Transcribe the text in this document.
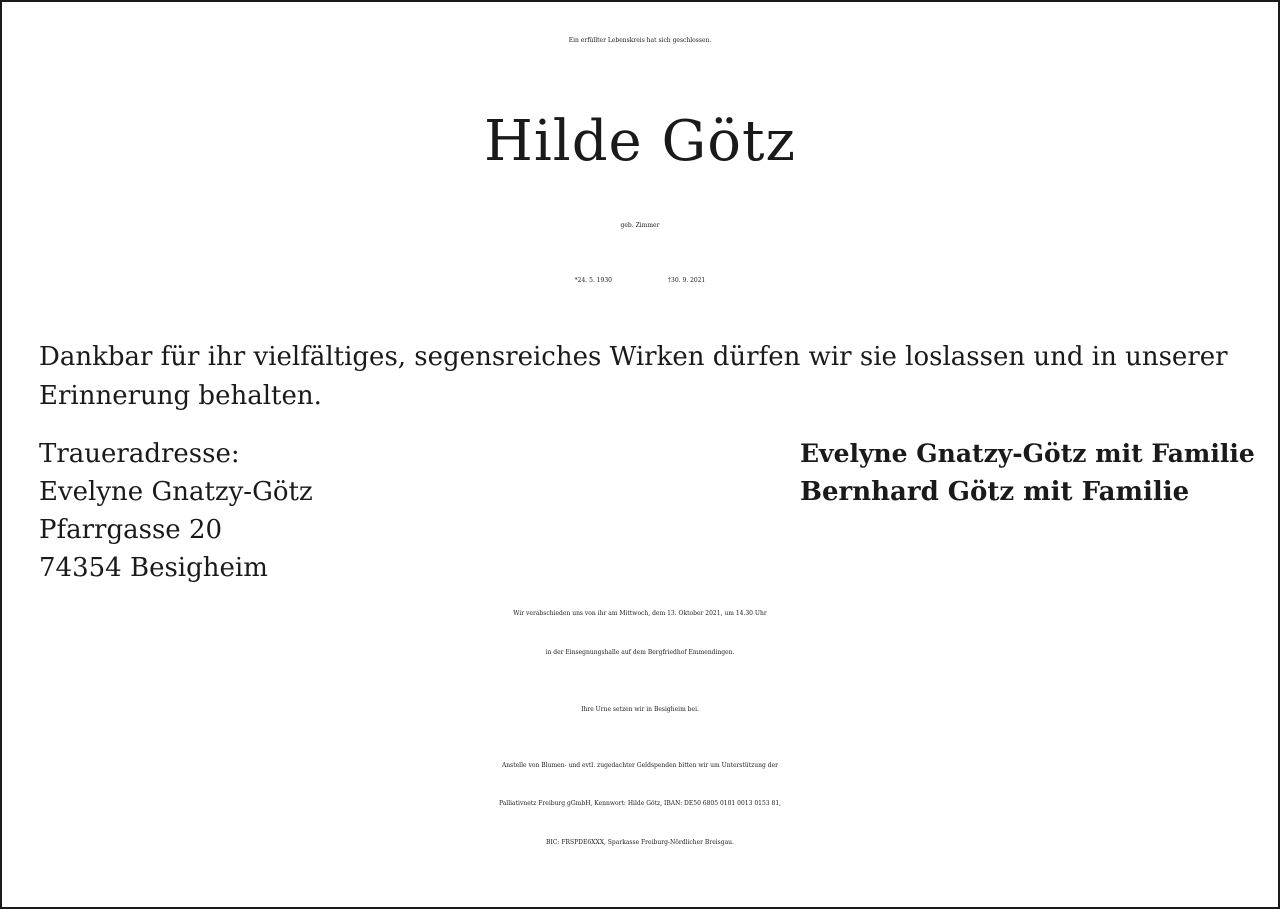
Ein erfüllter Lebenskreis hat sich geschlossen.
Hilde Götz
geb. Zimmer
*24. 5. 1930	†30. 9. 2021
Dankbar für ihr vielfältiges, segensreiches Wirken dürfen wir sie loslassen und in unserer
Erinnerung behalten.
Traueradresse:
Evelyne Gnatzy-Götz
Pfarrgasse 20
74354 Besigheim
Evelyne Gnatzy-Götz mit Familie
Bernhard Götz mit Familie
Wir verabschieden uns von ihr am Mittwoch, dem 13. Oktober 2021, um 14.30 Uhr
in der Einsegnungshalle auf dem Bergfriedhof Emmendingen.
Ihre Urne setzen wir in Besigheim bei.
Anstelle von Blumen- und evtl. zugedachter Geldspenden bitten wir um Unterstützung der
Palliativnetz Freiburg gGmbH, Kennwort: Hilde Götz, IBAN: DE50 6805 0101 0013 0153 81,
BIC: FRSPDE6XXX, Sparkasse Freiburg-Nördlicher Breisgau.
